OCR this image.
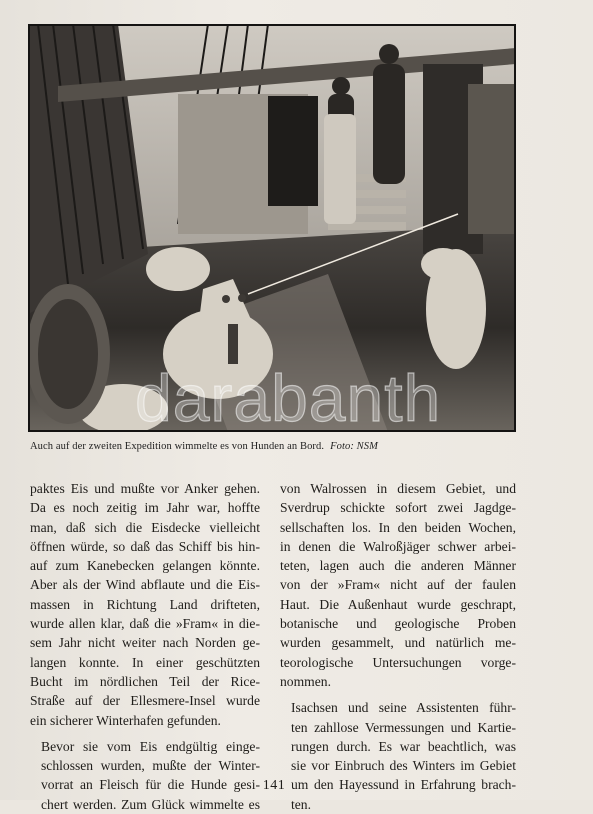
darabanth
Auch auf der zweiten Expedition wimmelte es von Hunden an Bord. Foto: NSM

paktes Eis und mußte vor Anker gehen.
Da es noch zeitig im Jahr war, hoffte
man, daß sich die Eisdecke vielleicht
öffnen würde, so daß das Schiff bis hin-
auf zum Kanebecken gelangen könnte.
Aber als der Wind abflaute und die Eis-
massen in Richtung Land drifteten,
wurde allen klar, daß die »Fram« in die-
sem Jahr nicht weiter nach Norden ge-
langen konnte. In einer geschützten
Bucht im nördlichen Teil der Rice-
Straße auf der Ellesmere-Insel wurde
ein sicherer Winterhafen gefunden.

Bevor sie vom Eis endgültig einge-
schlossen wurden, mußte der Winter-
vorrat an Fleisch für die Hunde gesi-
chert werden. Zum Glück wimmelte es

von Walrossen in diesem Gebiet, und
Sverdrup schickte sofort zwei Jagdge-
sellschaften los. In den beiden Wochen,
in denen die Walroßjäger schwer arbei-
teten, lagen auch die anderen Männer
von der »Fram« nicht auf der faulen
Haut. Die Außenhaut wurde geschrapt,
botanische und geologische Proben
wurden gesammelt, und natürlich me-
teorologische Untersuchungen vorge-
nommen.

Isachsen und seine Assistenten führ-
ten zahllose Vermessungen und Kartie-
rungen durch. Es war beachtlich, was
sie vor Einbruch des Winters im Gebiet
um den Hayessund in Erfahrung brach-
ten.

141
